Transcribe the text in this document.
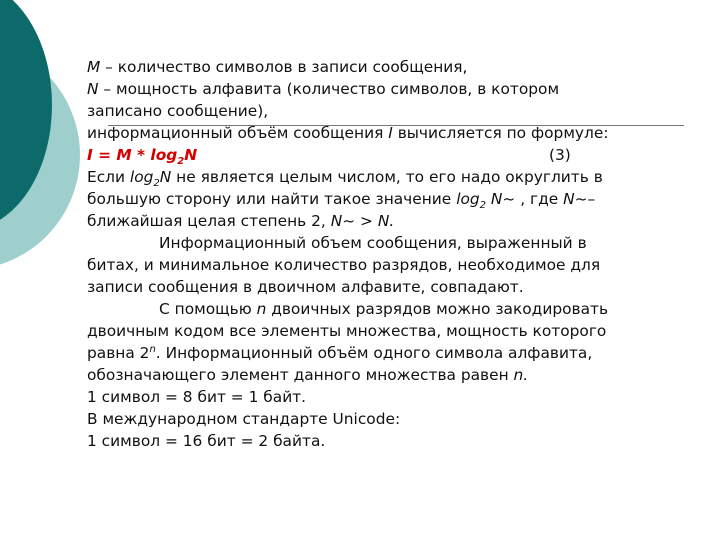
M – количество символов в записи сообщения,
N – мощность алфавита (количество символов, в котором
записано сообщение),
информационный объём сообщения I вычисляется по формуле:
$I = M * \log_2N$	(3)
Если $\log_2N$ не является целым числом, то его надо округлить в
большую сторону или найти такое значение $\log_2$ N~ , где N~–
ближайшая целая степень 2, N~ > N.
Информационный объем сообщения, выраженный в
битах, и минимальное количество разрядов, необходимое для
записи сообщения в двоичном алфавите, совпадают.
С помощью n двоичных разрядов можно закодировать
двоичным кодом все элементы множества, мощность которого
равна 2$^n$. Информационный объём одного символа алфавита,
обозначающего элемент данного множества равен n.
1 символ = 8 бит = 1 байт.
В международном стандарте Unicode:
1 символ = 16 бит = 2 байта.
